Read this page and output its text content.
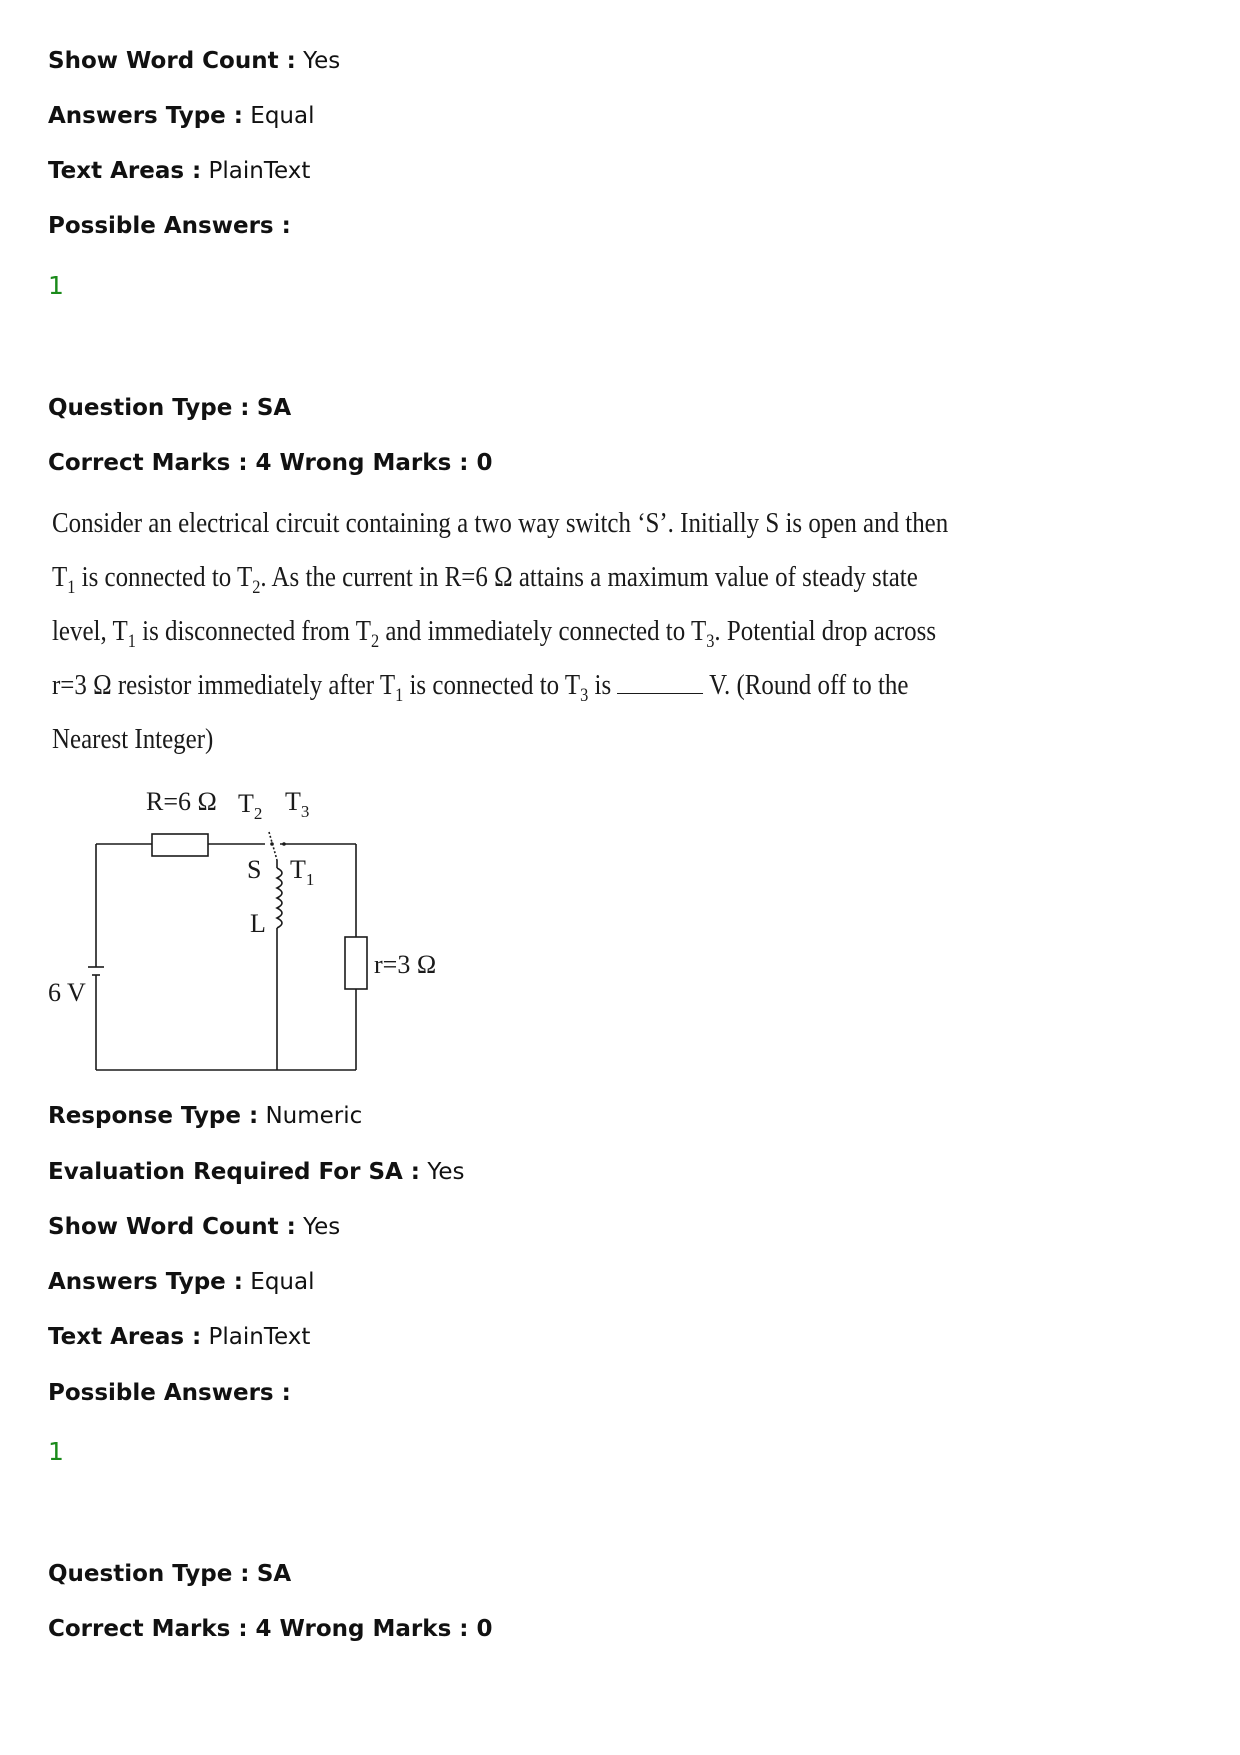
Show Word Count : Yes
Answers Type : Equal
Text Areas : PlainText
Possible Answers :
1
Question Type : SA
Correct Marks : 4 Wrong Marks : 0
Consider an electrical circuit containing a two way switch ‘S’. Initially S is open and then $T_1$ is connected to $T_2$. As the current in R=6 Ω attains a maximum value of steady state level, $T_1$ is disconnected from $T_2$ and immediately connected to $T_3$. Potential drop across r=3 Ω resistor immediately after $T_1$ is connected to $T_3$ is	V. (Round off to the Nearest Integer)
R=6 Ω $T_2$ $T_3$
S $T_1$
L
r=3 Ω
6 V
Response Type : Numeric
Evaluation Required For SA : Yes
Show Word Count : Yes
Answers Type : Equal
Text Areas : PlainText
Possible Answers :
1
Question Type : SA
Correct Marks : 4 Wrong Marks : 0
